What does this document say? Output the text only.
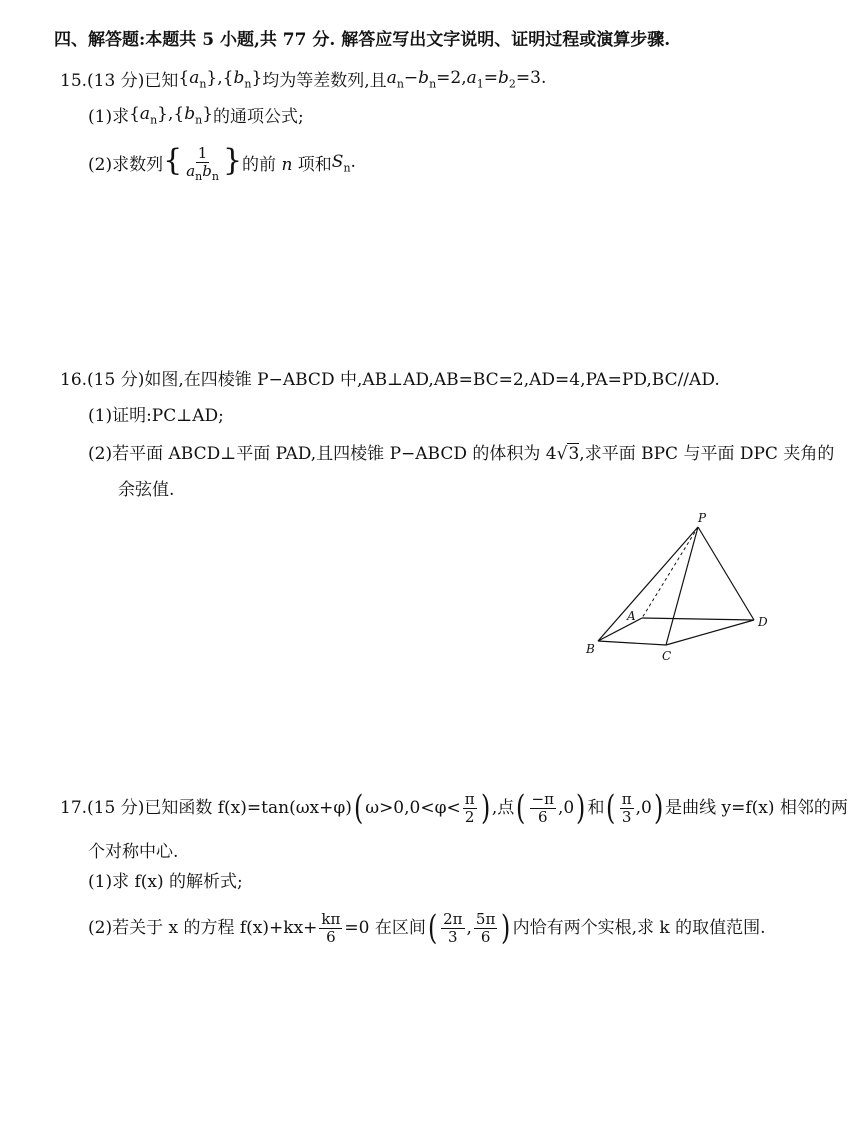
四、解答题:本题共 5 小题,共 77 分. 解答应写出文字说明、证明过程或演算步骤.
15. (13 分) 已知 $\{a_n\},\{b_n\}$ 均为等差数列,且 $a_n-b_n=2,a_1=b_2=3$.
(1)求 $\{a_n\},\{b_n\}$ 的通项公式;
(2)求数列 { $\frac{1}{a_nb_n}$ } 的前 n 项和 $S_n$.
16. (15 分) 如图,在四棱锥 P−ABCD 中,AB⊥AD,AB=BC=2,AD=4,PA=PD,BC//AD.
(1)证明:PC⊥AD;
(2)若平面 ABCD⊥平面 PAD,且四棱锥 P−ABCD 的体积为 4 √3 ,求平面 BPC 与平面 DPC 夹角的
余弦值.
P
A
B	C
D
17. (15 分) 已知函数 f(x)=tan(ωx+φ) ( $\omega>0,0<\varphi< \frac{\pi}{2}$ ) ,点 ( $\frac{-\pi}{6} ,0$ ) 和 ( $\frac{\pi}{3} ,0$ ) 是曲线 y=f(x) 相邻的两
个对称中心.
(1)求 f(x) 的解析式;
(2)若关于 x 的方程 $f(x)+kx+ \frac{k\pi}{6} =0$ 在区间 ( $\frac{2\pi}{3}$ , $\frac{5\pi}{6}$ ) 内恰有两个实根,求 k 的取值范围.
